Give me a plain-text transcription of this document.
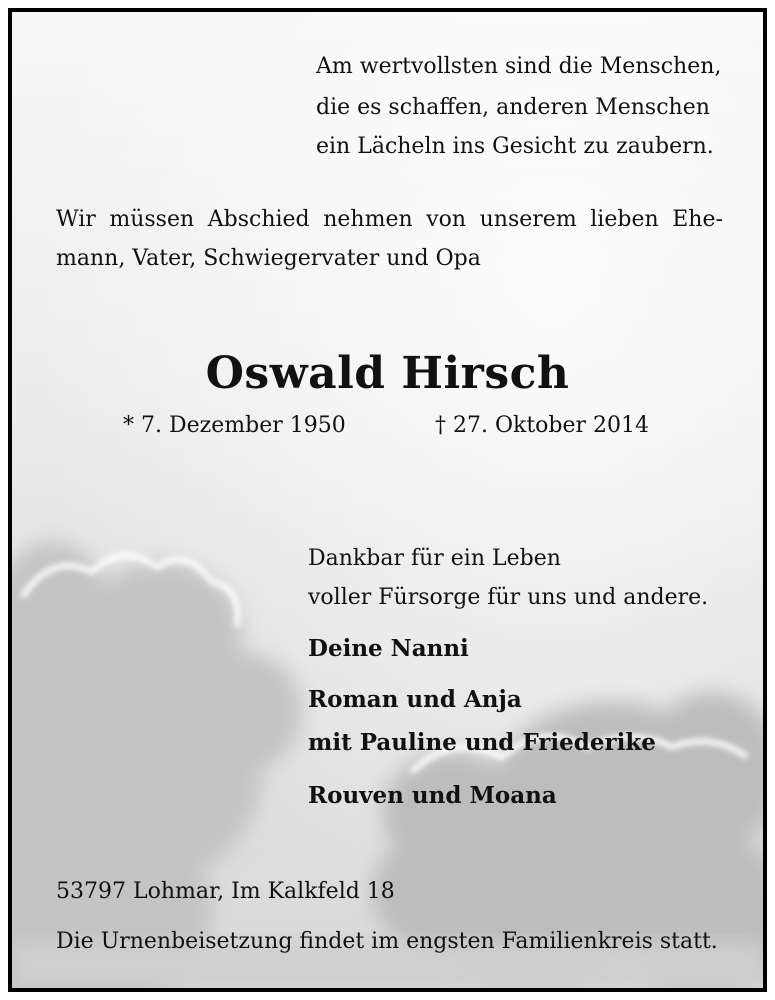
Am wertvollsten sind die Menschen,

die es schaffen, anderen Menschen

ein Lächeln ins Gesicht zu zaubern.

Wir müssen Abschied nehmen von unserem lieben Ehe-

mann, Vater, Schwiegervater und Opa

Oswald Hirsch

* 7. Dezember 1950	† 27. Oktober 2014

Dankbar für ein Leben

voller Fürsorge für uns und andere.

Deine Nanni

Roman und Anja

mit Pauline und Friederike

Rouven und Moana

53797 Lohmar, Im Kalkfeld 18

Die Urnenbeisetzung findet im engsten Familienkreis statt.
